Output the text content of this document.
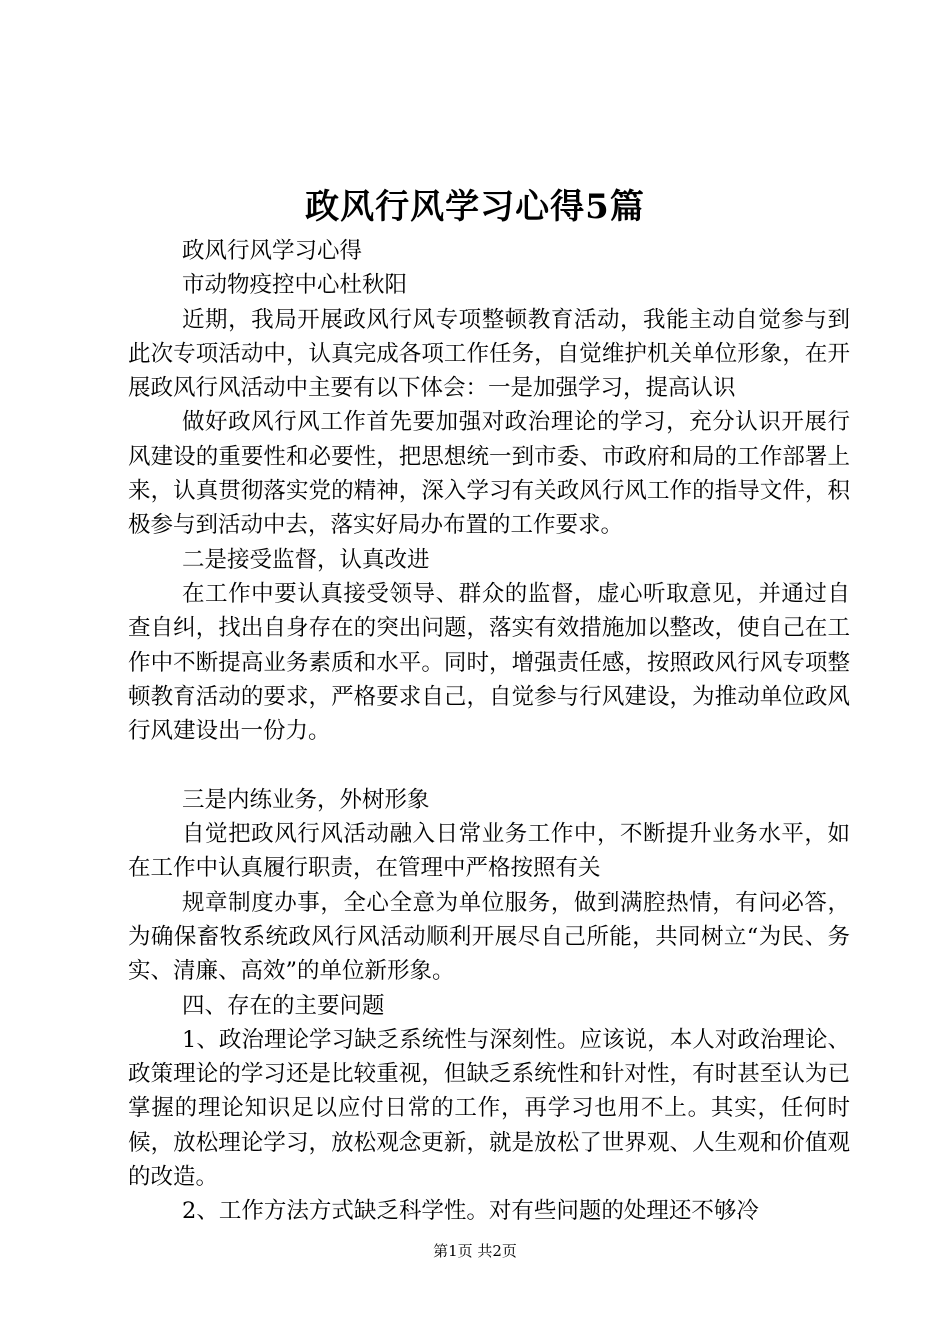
政风行风学习心得5篇

政风行风学习心得

市动物疫控中心杜秋阳

近期，我局开展政风行风专项整顿教育活动，我能主动自觉参与到此次专项活动中，认真完成各项工作任务，自觉维护机关单位形象，在开展政风行风活动中主要有以下体会：一是加强学习，提高认识

做好政风行风工作首先要加强对政治理论的学习，充分认识开展行风建设的重要性和必要性，把思想统一到市委、市政府和局的工作部署上来，认真贯彻落实党的精神，深入学习有关政风行风工作的指导文件，积极参与到活动中去，落实好局办布置的工作要求。

二是接受监督，认真改进

在工作中要认真接受领导、群众的监督，虚心听取意见，并通过自查自纠，找出自身存在的突出问题，落实有效措施加以整改，使自己在工作中不断提高业务素质和水平。同时，增强责任感，按照政风行风专项整顿教育活动的要求，严格要求自己，自觉参与行风建设，为推动单位政风行风建设出一份力。

三是内练业务，外树形象

自觉把政风行风活动融入日常业务工作中，不断提升业务水平，如在工作中认真履行职责，在管理中严格按照有关

规章制度办事，全心全意为单位服务，做到满腔热情，有问必答，为确保畜牧系统政风行风活动顺利开展尽自己所能，共同树立“为民、务实、清廉、高效”的单位新形象。

四、存在的主要问题

1、政治理论学习缺乏系统性与深刻性。应该说，本人对政治理论、政策理论的学习还是比较重视，但缺乏系统性和针对性，有时甚至认为已掌握的理论知识足以应付日常的工作，再学习也用不上。其实，任何时候，放松理论学习，放松观念更新，就是放松了世界观、人生观和价值观的改造。

2、工作方法方式缺乏科学性。对有些问题的处理还不够冷

第1页 共2页
